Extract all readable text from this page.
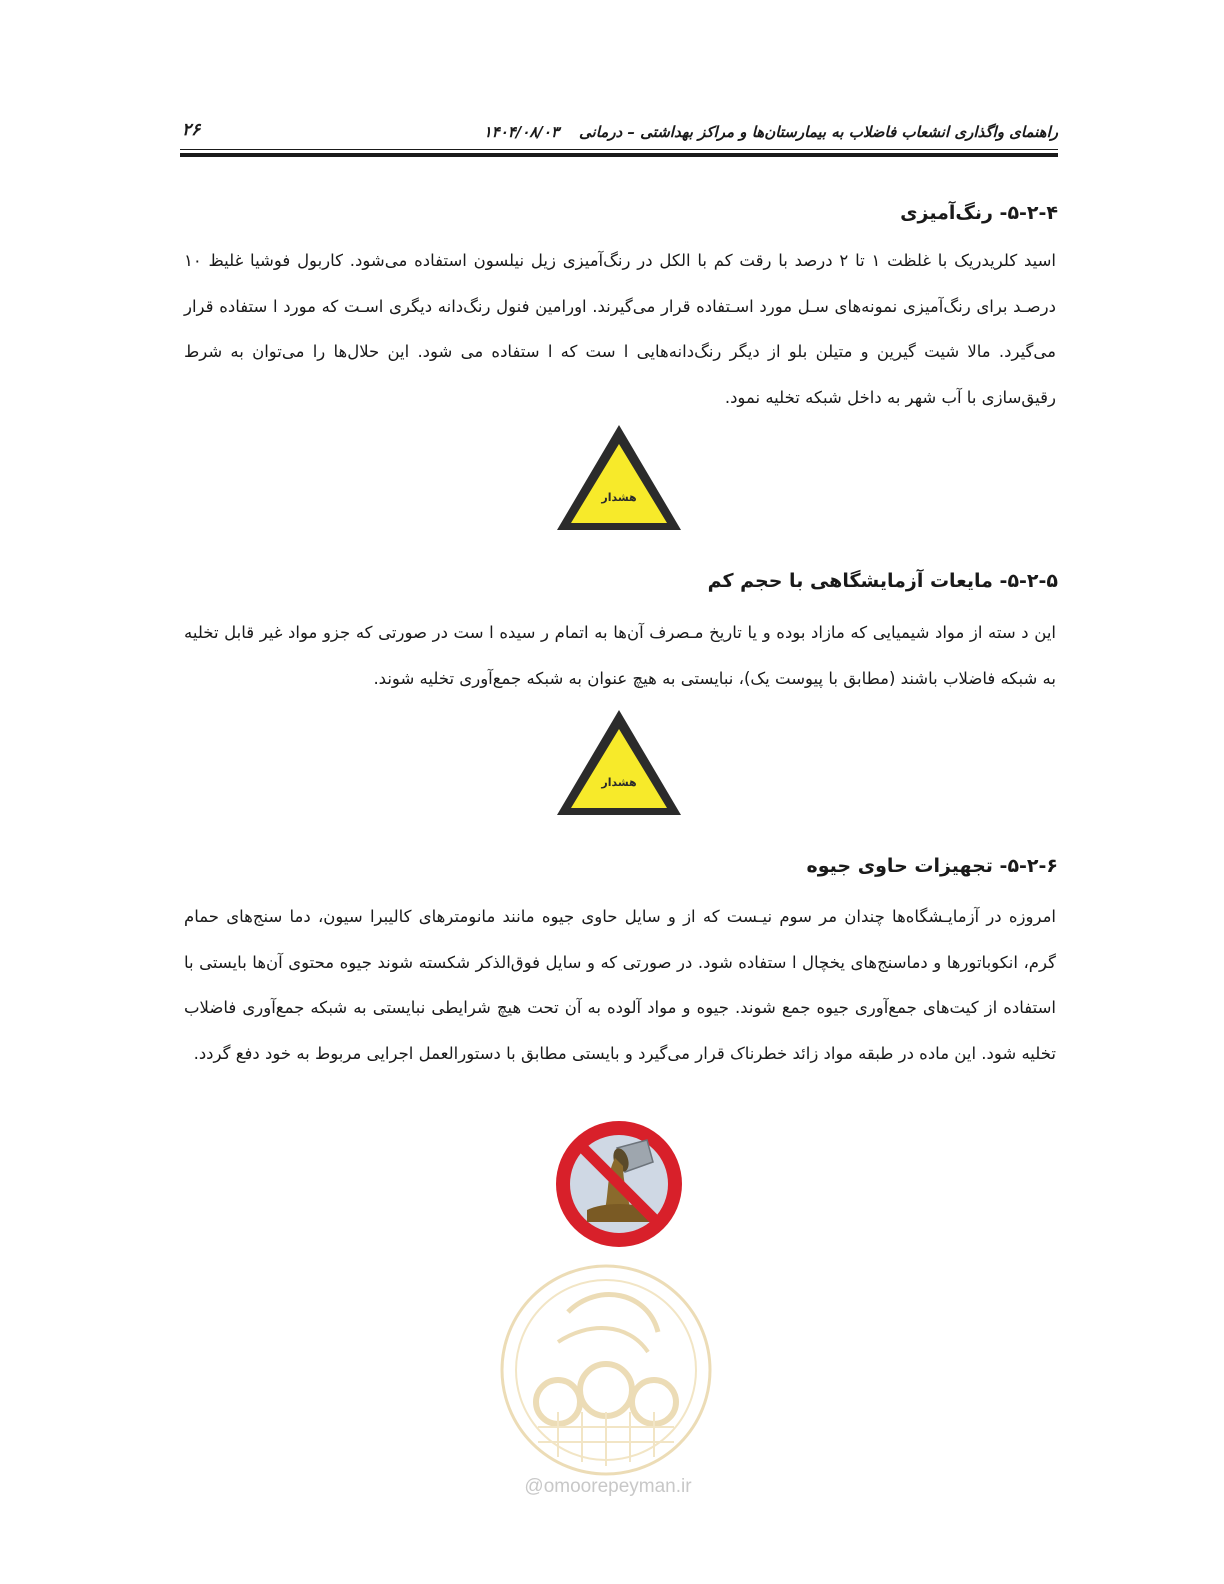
راهنمای واگذاری انشعاب فاضلاب به بیمارستان‌ها و مراکز بهداشتی – درمانی
۱۴۰۴/۰۸/۰۳
۲۶
۵-۲-۴- رنگ‌آمیزی
اسید کلریدریک با غلظت ۱ تا ۲ درصد با رقت کم با الکل در رنگ‌آمیزی زیل نیلسون استفاده می‌شود. کاربول فوشیا غلیظ ۱۰ درصـد برای رنگ‌آمیزی نمونه‌های سـل مورد اسـتفاده قرار می‌گیرند. اورامین فنول رنگ‌دانه دیگری اسـت که مورد ا ستفاده قرار می‌گیرد. مالا شیت گیرین و متیلن بلو از دیگر رنگ‌دانه‌هایی ا ست که ا ستفاده می شود. این حلال‌ها را می‌توان به شرط رقیق‌سازی با آب شهر به داخل شبکه تخلیه نمود.
هشدار
۵-۲-۵- مایعات آزمایشگاهی با حجم کم
این د سته از مواد شیمیایی که مازاد بوده و یا تاریخ مـصرف آن‌ها به اتمام ر سیده ا ست در صورتی که جزو مواد غیر قابل تخلیه به شبکه فاضلاب باشند (مطابق با پیوست یک)، نبایستی به هیچ عنوان به شبکه جمع‌آوری تخلیه شوند.
هشدار
۵-۲-۶- تجهیزات حاوی جیوه
امروزه در آزمایـشگاه‌ها چندان مر سوم نیـست که از و سایل حاوی جیوه مانند مانومترهای کالیبرا سیون، دما سنج‌های حمام گرم، انکوباتورها و دماسنج‌های یخچال ا ستفاده شود. در صورتی که و سایل فوق‌الذکر شکسته شوند جیوه محتوی آن‌ها بایستی با استفاده از کیت‌های جمع‌آوری جیوه جمع شوند. جیوه و مواد آلوده به آن تحت هیچ شرایطی نبایستی به شبکه جمع‌آوری فاضلاب تخلیه شود. این ماده در طبقه مواد زائد خطرناک قرار می‌گیرد و بایستی مطابق با دستورالعمل اجرایی مربوط به خود دفع گردد.
@omoorepeyman.ir
